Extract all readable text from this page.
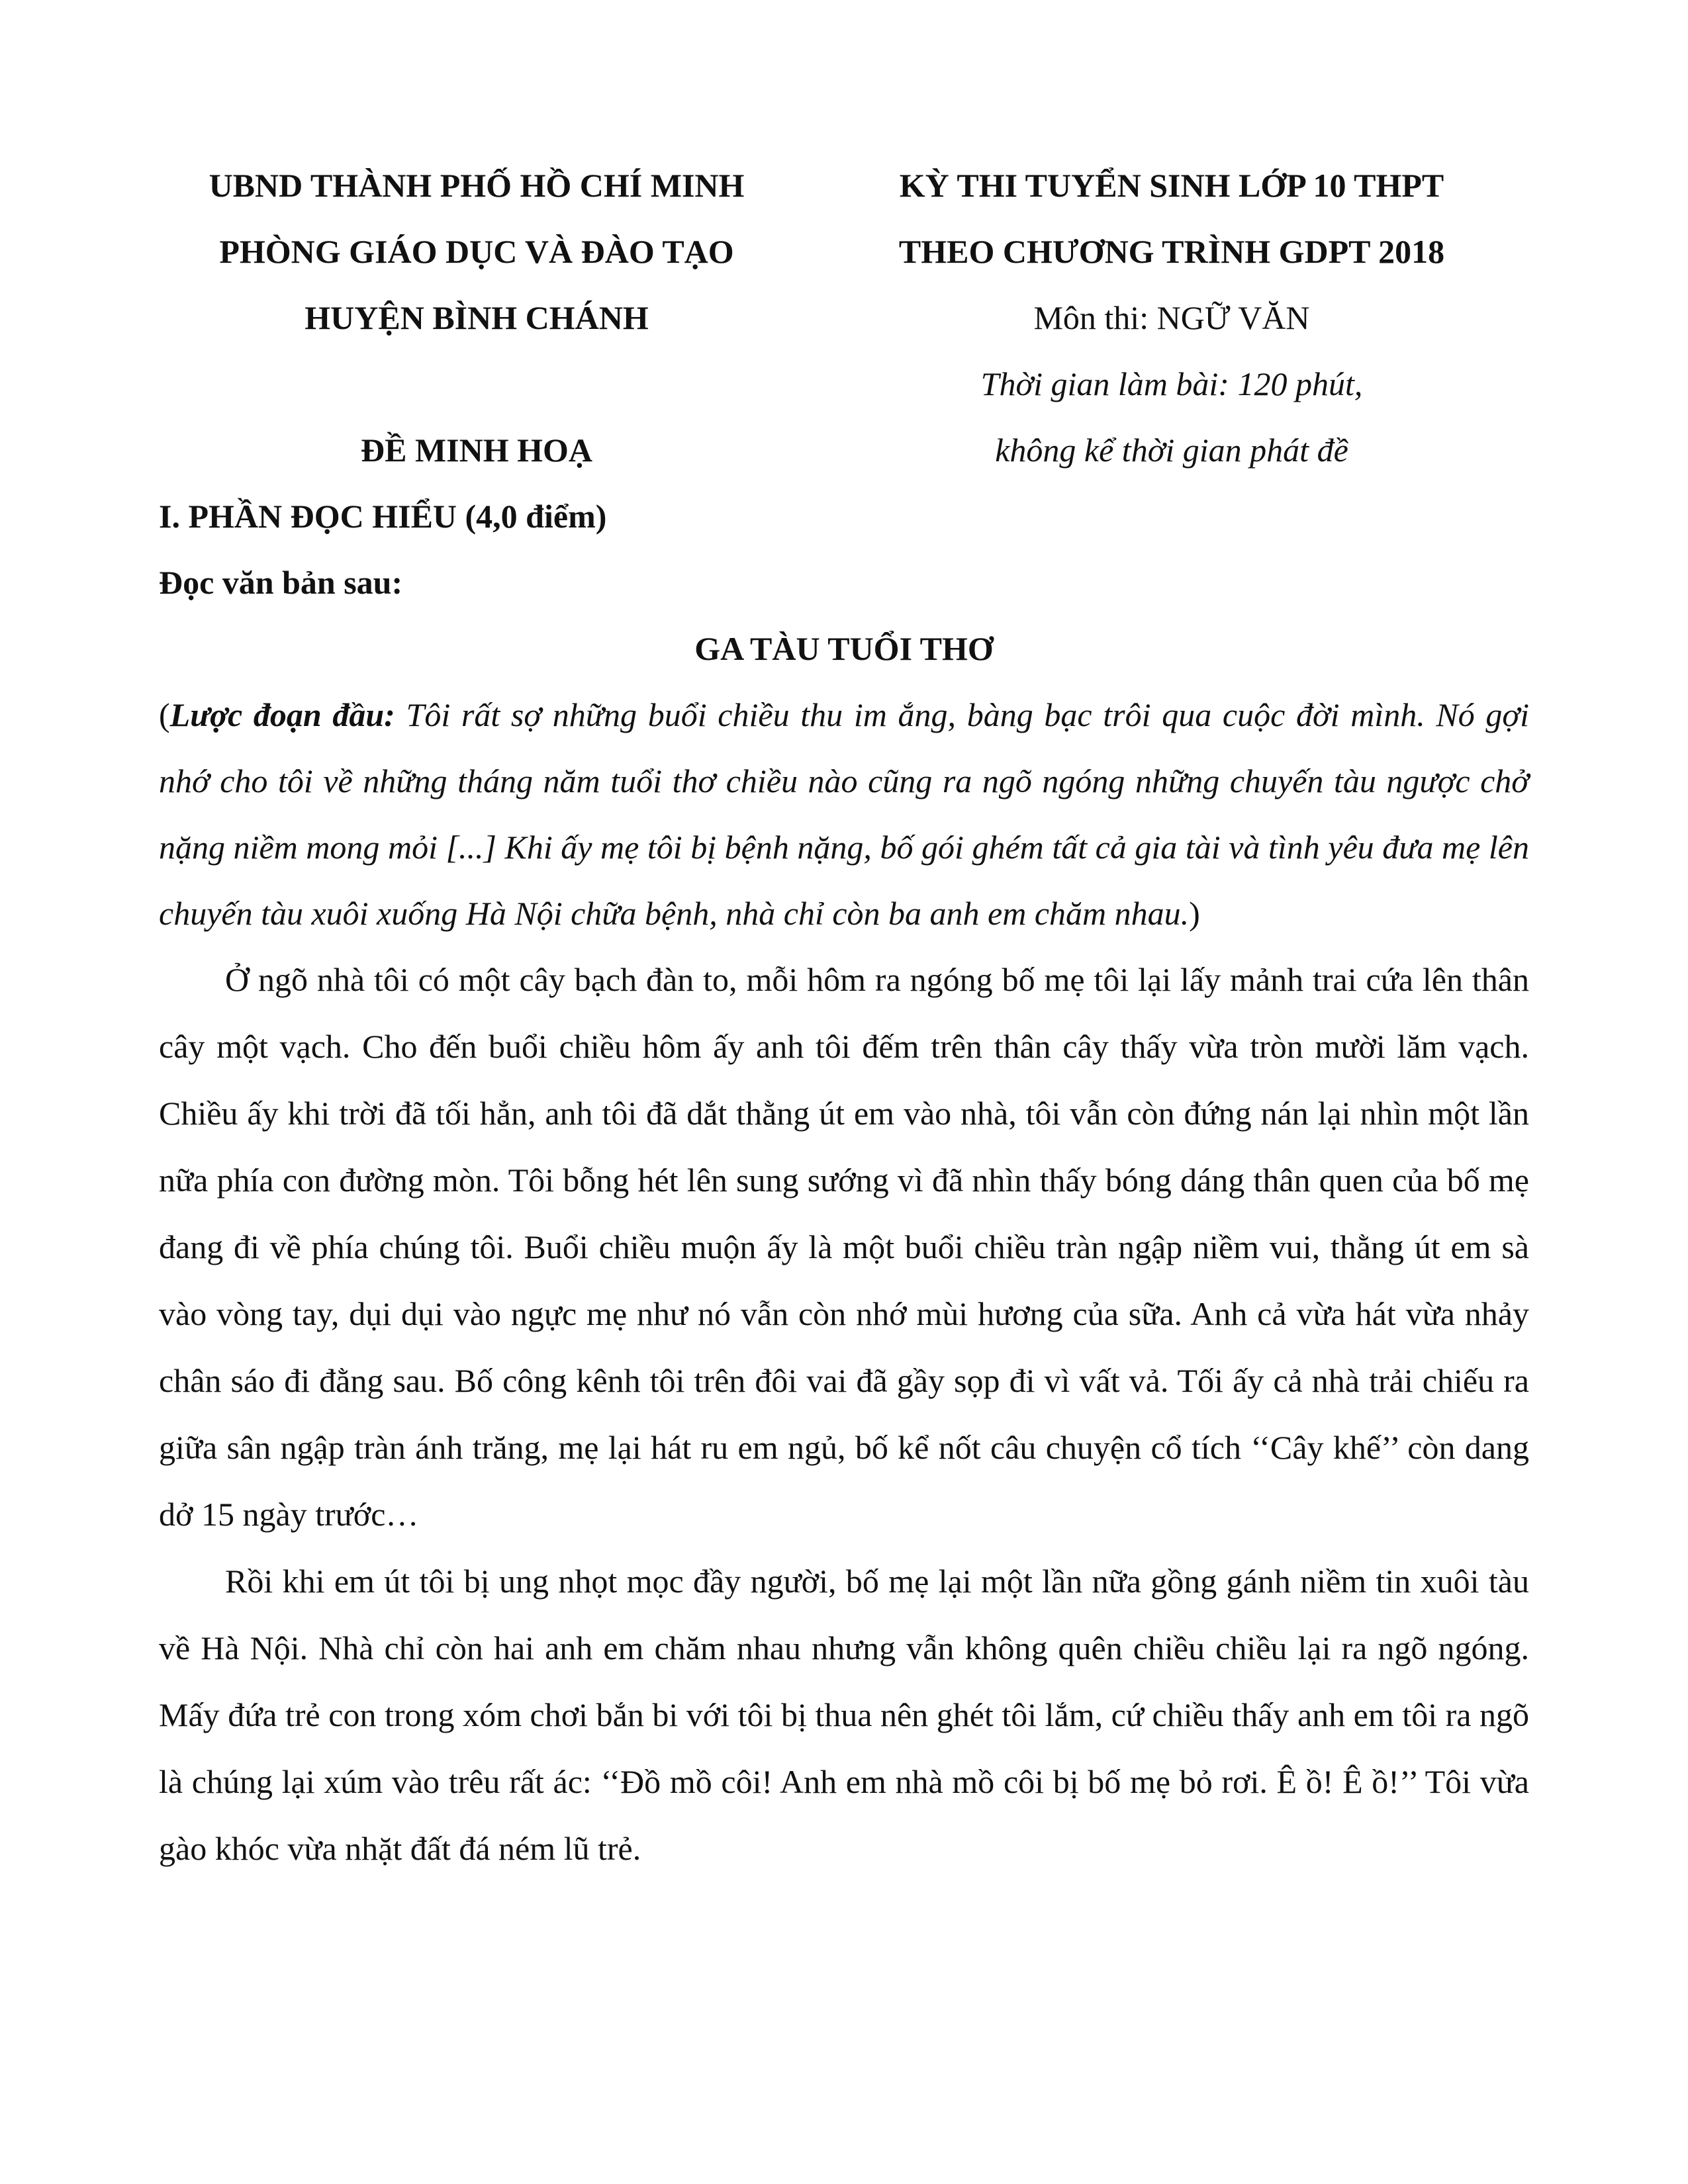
UBND THÀNH PHỐ HỒ CHÍ MINH
PHÒNG GIÁO DỤC VÀ ĐÀO TẠO
HUYỆN BÌNH CHÁNH
ĐỀ MINH HOẠ
KỲ THI TUYỂN SINH LỚP 10 THPT
THEO CHƯƠNG TRÌNH GDPT 2018
Môn thi: NGỮ VĂN
Thời gian làm bài: 120 phút,
không kể thời gian phát đề

I. PHẦN ĐỌC HIỂU (4,0 điểm)

Đọc văn bản sau:

GA TÀU TUỔI THƠ

(Lược đoạn đầu: Tôi rất sợ những buổi chiều thu im ắng, bàng bạc trôi qua cuộc đời mình. Nó gợi nhớ cho tôi về những tháng năm tuổi thơ chiều nào cũng ra ngõ ngóng những chuyến tàu ngược chở nặng niềm mong mỏi [...] Khi ấy mẹ tôi bị bệnh nặng, bố gói ghém tất cả gia tài và tình yêu đưa mẹ lên chuyến tàu xuôi xuống Hà Nội chữa bệnh, nhà chỉ còn ba anh em chăm nhau.)

Ở ngõ nhà tôi có một cây bạch đàn to, mỗi hôm ra ngóng bố mẹ tôi lại lấy mảnh trai cứa lên thân cây một vạch. Cho đến buổi chiều hôm ấy anh tôi đếm trên thân cây thấy vừa tròn mười lăm vạch. Chiều ấy khi trời đã tối hẳn, anh tôi đã dắt thằng út em vào nhà, tôi vẫn còn đứng nán lại nhìn một lần nữa phía con đường mòn. Tôi bỗng hét lên sung sướng vì đã nhìn thấy bóng dáng thân quen của bố mẹ đang đi về phía chúng tôi. Buổi chiều muộn ấy là một buổi chiều tràn ngập niềm vui, thằng út em sà vào vòng tay, dụi dụi vào ngực mẹ như nó vẫn còn nhớ mùi hương của sữa. Anh cả vừa hát vừa nhảy chân sáo đi đằng sau. Bố công kênh tôi trên đôi vai đã gầy sọp đi vì vất vả. Tối ấy cả nhà trải chiếu ra giữa sân ngập tràn ánh trăng, mẹ lại hát ru em ngủ, bố kể nốt câu chuyện cổ tích ‘‘Cây khế’’ còn dang dở 15 ngày trước…

Rồi khi em út tôi bị ung nhọt mọc đầy người, bố mẹ lại một lần nữa gồng gánh niềm tin xuôi tàu về Hà Nội. Nhà chỉ còn hai anh em chăm nhau nhưng vẫn không quên chiều chiều lại ra ngõ ngóng. Mấy đứa trẻ con trong xóm chơi bắn bi với tôi bị thua nên ghét tôi lắm, cứ chiều thấy anh em tôi ra ngõ là chúng lại xúm vào trêu rất ác: ‘‘Đồ mồ côi! Anh em nhà mồ côi bị bố mẹ bỏ rơi. Ê ồ! Ê ồ!’’ Tôi vừa gào khóc vừa nhặt đất đá ném lũ trẻ.
